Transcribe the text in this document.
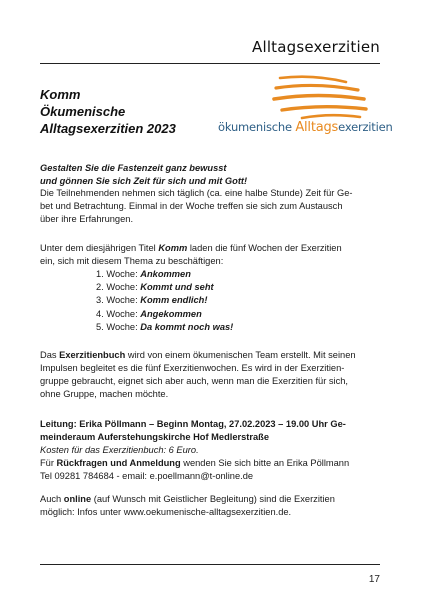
Alltagsexerzitien
Komm
Ökumenische
Alltagsexerzitien 2023	ökumenische Alltagsexerzitien

Gestalten Sie die Fastenzeit ganz bewusst

und gönnen Sie sich Zeit für sich und mit Gott!

Die Teilnehmenden nehmen sich täglich (ca. eine halbe Stunde) Zeit für Ge-

bet und Betrachtung. Einmal in der Woche treffen sie sich zum Austausch

über ihre Erfahrungen.

Unter dem diesjährigen Titel Komm laden die fünf Wochen der Exerzitien

ein, sich mit diesem Thema zu beschäftigen:

1. Woche: Ankommen
2. Woche: Kommt und seht
3. Woche: Komm endlich!
4. Woche: Angekommen
5. Woche: Da kommt noch was!

Das Exerzitienbuch wird von einem ökumenischen Team erstellt. Mit seinen

Impulsen begleitet es die fünf Exerzitienwochen. Es wird in der Exerzitien-

gruppe gebraucht, eignet sich aber auch, wenn man die Exerzitien für sich,

ohne Gruppe, machen möchte.

Leitung: Erika Pöllmann – Beginn Montag, 27.02.2023 – 19.00 Uhr Ge-

meinderaum Auferstehungskirche Hof Medlerstraße

Kosten für das Exerzitienbuch: 6 Euro.

Für Rückfragen und Anmeldung wenden Sie sich bitte an Erika Pöllmann

Tel 09281 784684 - email: e.poellmann@t-online.de

Auch online (auf Wunsch mit Geistlicher Begleitung) sind die Exerzitien

möglich: Infos unter www.oekumenische-alltagsexerzitien.de.

17
